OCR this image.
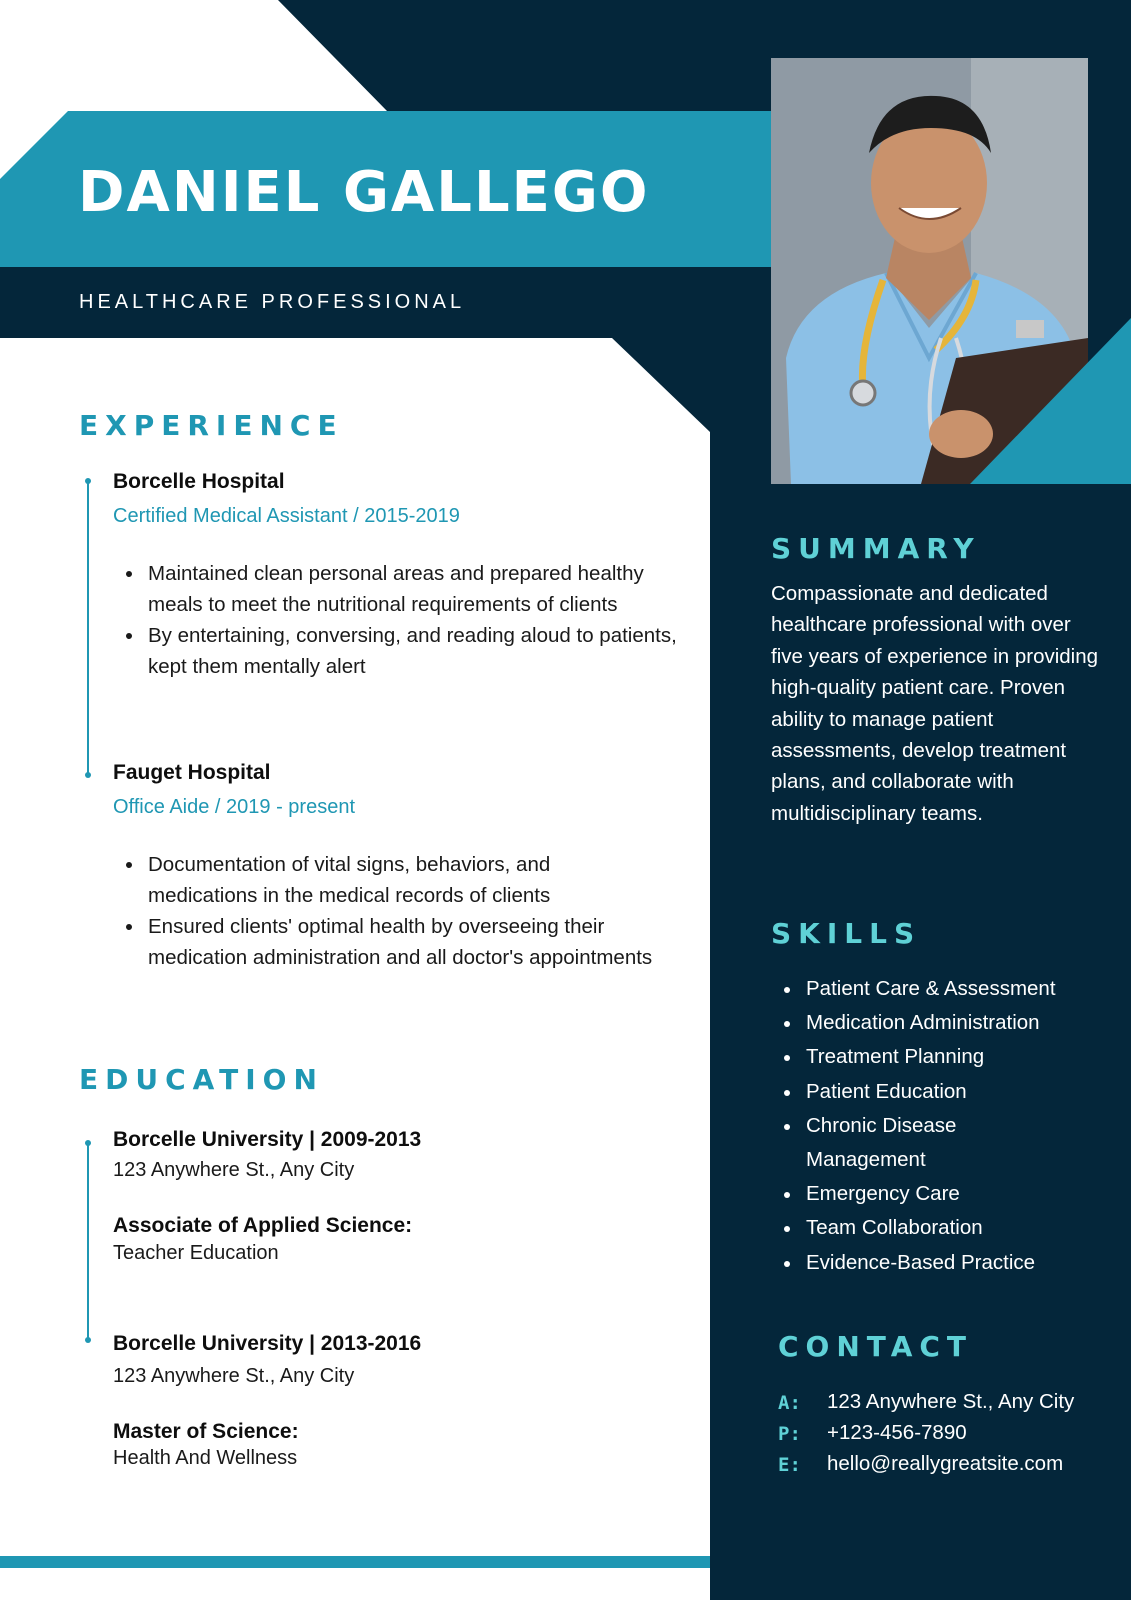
DANIEL GALLEGO
HEALTHCARE PROFESSIONAL
EXPERIENCE
Borcelle Hospital
Certified Medical Assistant / 2015-2019
Maintained clean personal areas and prepared healthy meals to meet the nutritional requirements of clients
By entertaining, conversing, and reading aloud to patients, kept them mentally alert
Fauget Hospital
Office Aide / 2019 - present
Documentation of vital signs, behaviors, and medications in the medical records of clients
Ensured clients' optimal health by overseeing their medication administration and all doctor's appointments
EDUCATION
Borcelle University | 2009-2013
123 Anywhere St., Any City
Associate of Applied Science:
Teacher Education
Borcelle University | 2013-2016
123 Anywhere St., Any City
Master of Science:
Health And Wellness
SUMMARY
Compassionate and dedicated healthcare professional with over five years of experience in providing high-quality patient care. Proven ability to manage patient assessments, develop treatment plans, and collaborate with multidisciplinary teams.
SKILLS
Patient Care & Assessment
Medication Administration
Treatment Planning
Patient Education
Chronic Disease Management
Emergency Care
Team Collaboration
Evidence-Based Practice
CONTACT
A: 123 Anywhere St., Any City
P: +123-456-7890
E: hello@reallygreatsite.com
